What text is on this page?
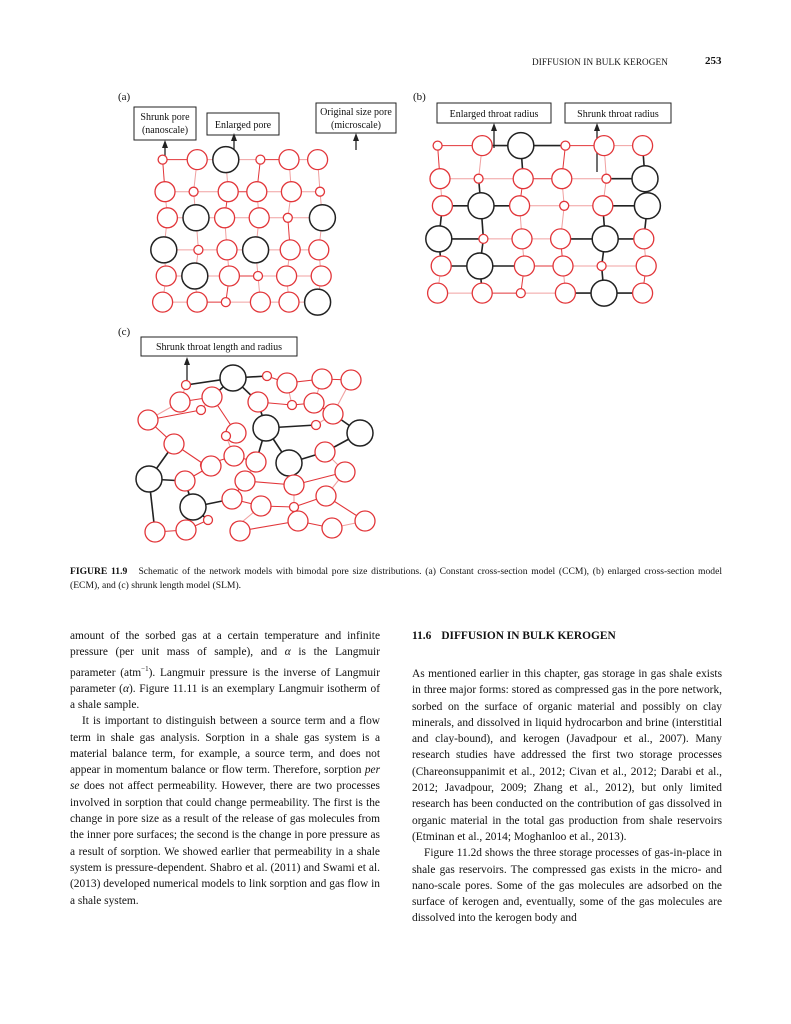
DIFFUSION IN BULK KEROGEN	253
(a)	(b)
(c)
Shrunk pore
(nanoscale)	Enlarged pore
Original size pore
(microscale)
Enlarged throat radius	Shrunk throat radius
Shrunk throat length and radius
FIGURE 11.9 Schematic of the network models with bimodal pore size distributions. (a) Constant cross-section model (CCM), (b) enlarged cross-section model (ECM), and (c) shrunk length model (SLM).

amount of the sorbed gas at a certain temperature and infinite pressure (per unit mass of sample), and α is the Langmuir parameter (atm$^{-1}$). Langmuir pressure is the inverse of Langmuir parameter (α). Figure 11.11 is an exemplary Langmuir isotherm of a shale sample.

It is important to distinguish between a source term and a flow term in shale gas analysis. Sorption in a shale gas system is a material balance term, for example, a source term, and does not appear in momentum balance or flow term. Therefore, sorption per se does not affect permeability. However, there are two processes involved in sorption that could change permeability. The first is the change in pore size as a result of the release of gas molecules from the inner pore surfaces; the second is the change in pore pressure as a result of sorption. We showed earlier that permeability in a shale system is pressure-dependent. Shabro et al. (2011) and Swami et al. (2013) developed numerical models to link sorption and gas flow in a shale system.

11.6 DIFFUSION IN BULK KEROGEN

As mentioned earlier in this chapter, gas storage in gas shale exists in three major forms: stored as compressed gas in the pore network, sorbed on the surface of organic material and possibly on clay minerals, and dissolved in liquid hydrocarbon and brine (interstitial and clay-bound), and kerogen (Javadpour et al., 2007). Many research studies have addressed the first two storage processes (Chareonsuppanimit et al., 2012; Civan et al., 2012; Darabi et al., 2012; Javadpour, 2009; Zhang et al., 2012), but only limited research has been conducted on the contribution of gas dissolved in organic material in the total gas production from shale reservoirs (Etminan et al., 2014; Moghanloo et al., 2013).

Figure 11.2d shows the three storage processes of gas-in-place in shale gas reservoirs. The compressed gas exists in the micro- and nano-scale pores. Some of the gas molecules are adsorbed on the surface of kerogen and, eventually, some of the gas molecules are dissolved into the kerogen body and
